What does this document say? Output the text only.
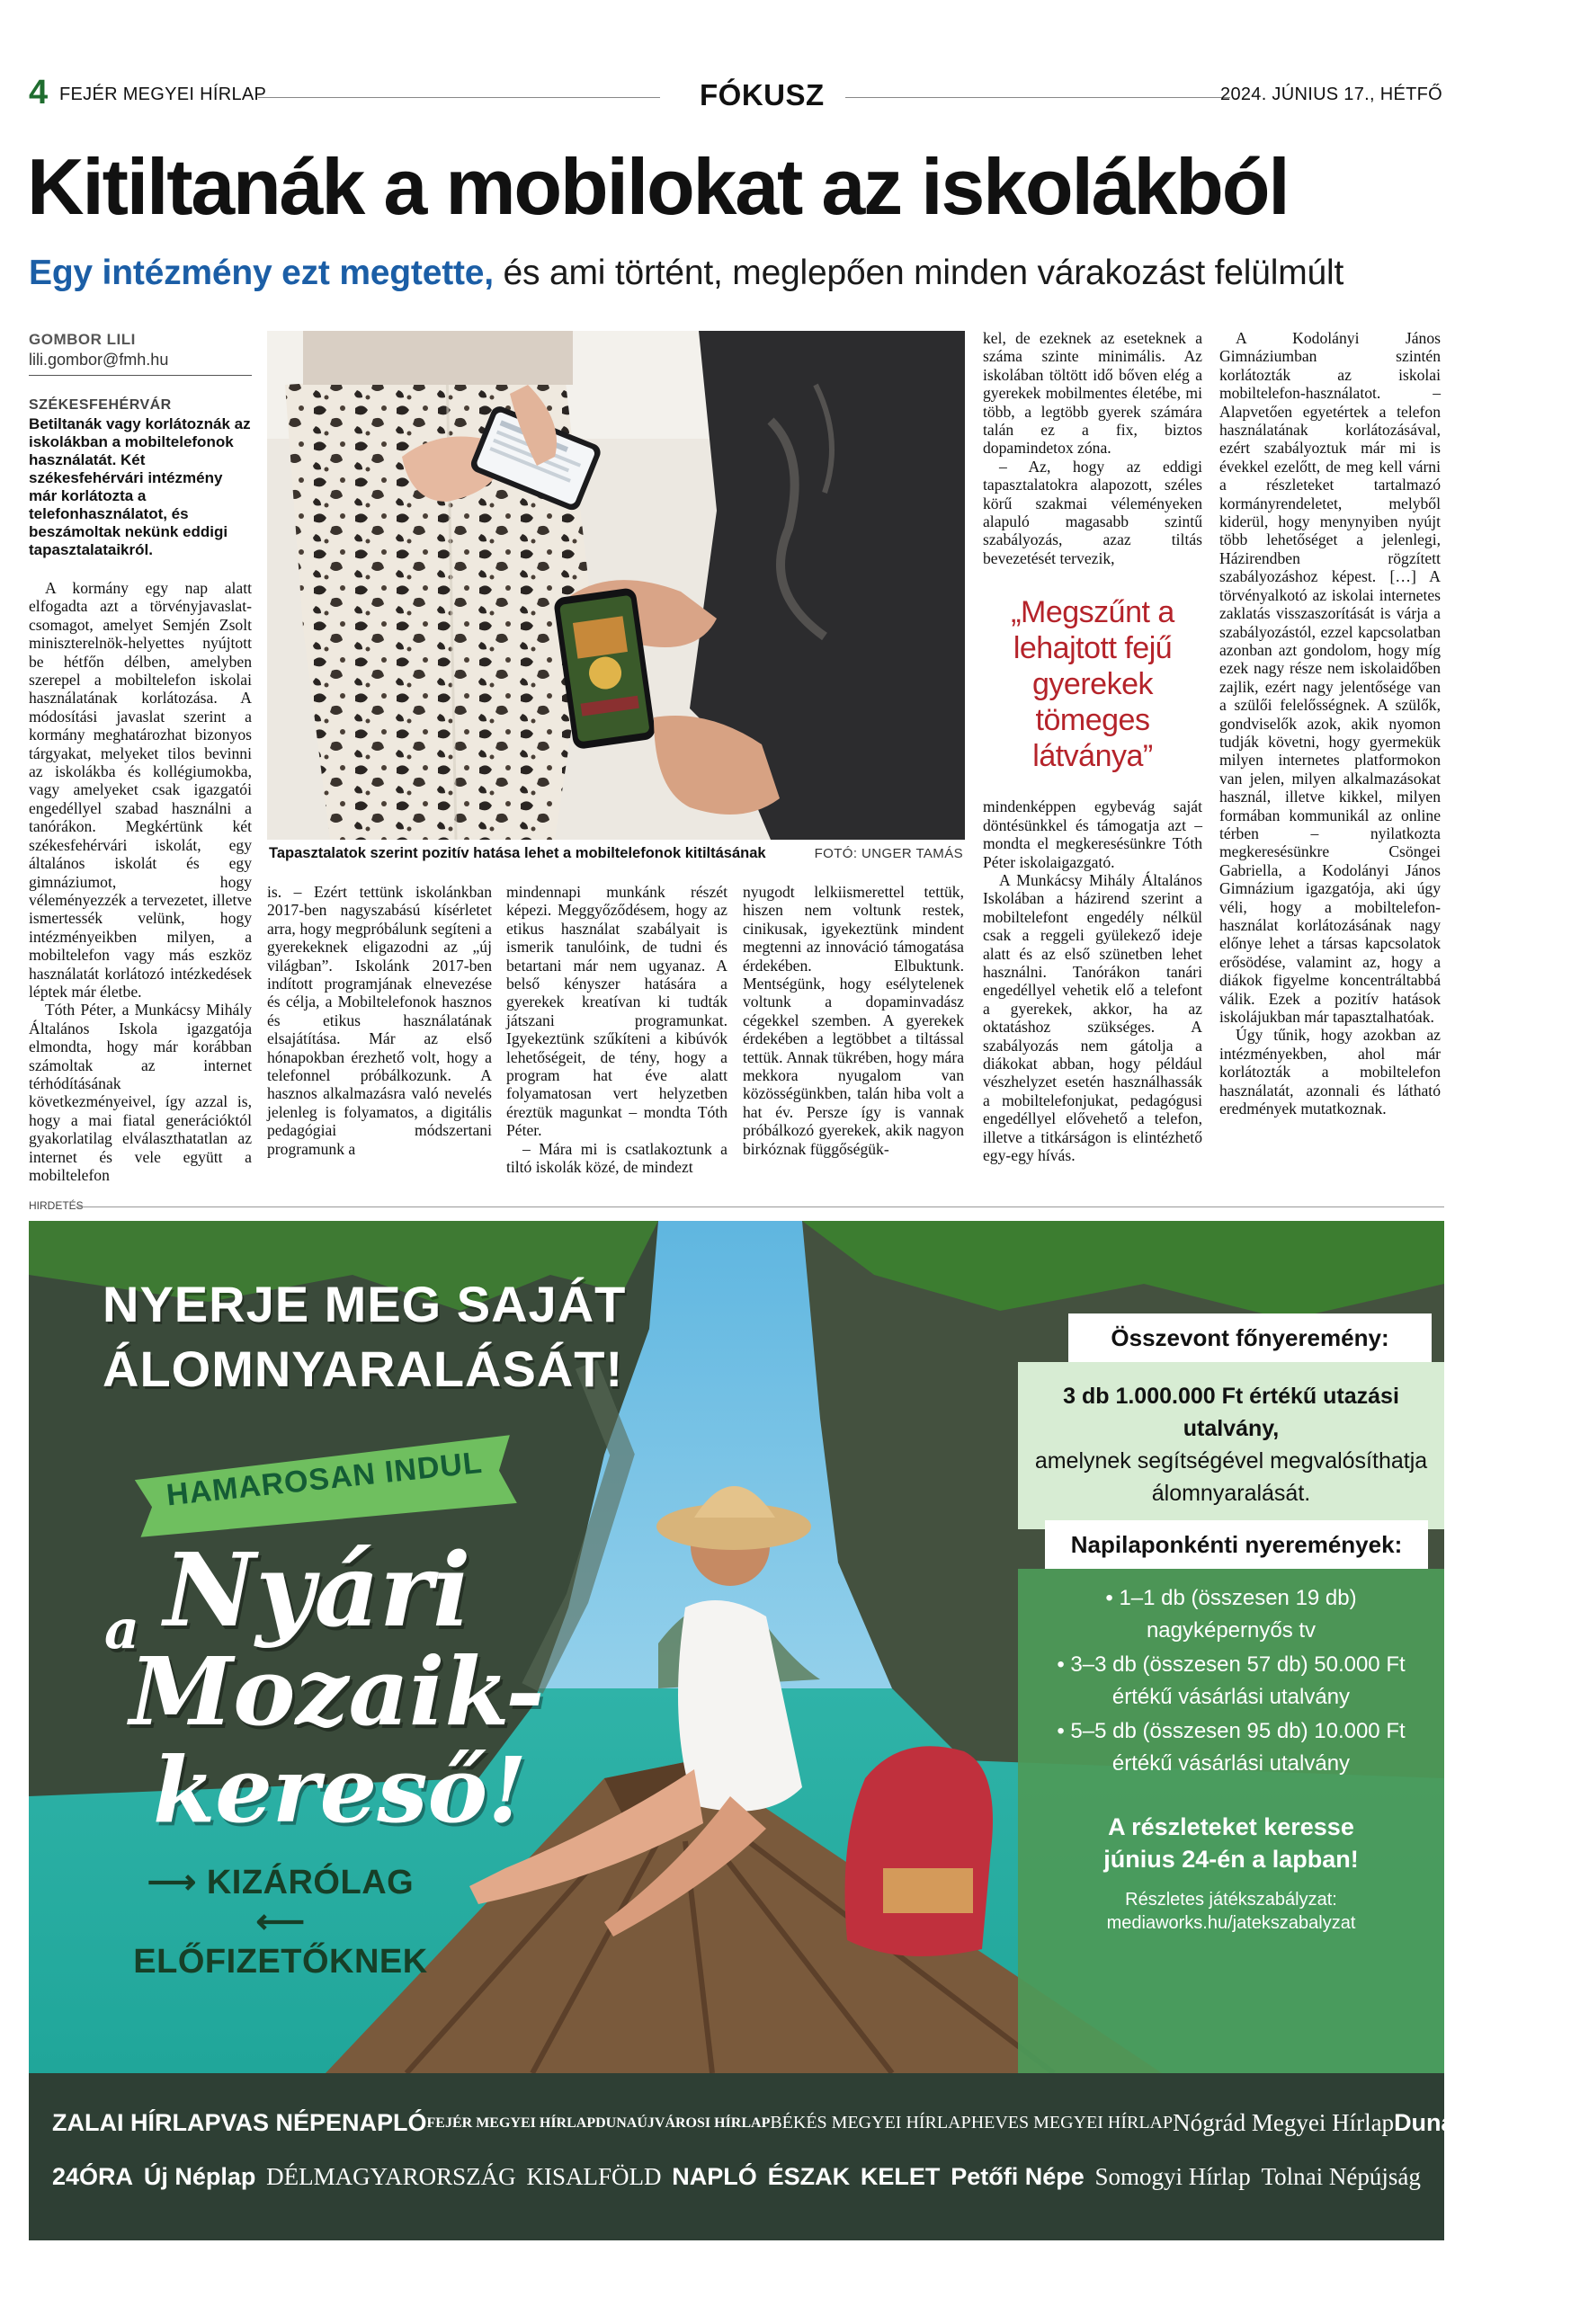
4 FEJÉR MEGYEI HÍRLAP	FÓKUSZ	2024. JÚNIUS 17., HÉTFŐ
Kitiltanák a mobilokat az iskolákból
Egy intézmény ezt megtette, és ami történt, meglepően minden várakozást felülmúlt
GOMBOR LILI
lili.gombor@fmh.hu
SZÉKESFEHÉRVÁR
Betiltanák vagy korlátoznák az iskolákban a mobiltelefonok használatát. Két székesfehérvári intézmény már korlátozta a telefonhasználatot, és beszámoltak nekünk eddigi tapasztalataikról.

A kormány egy nap alatt elfogadta azt a törvényjavaslat-csomagot, amelyet Semjén Zsolt miniszterelnök-helyettes nyújtott be hétfőn délben, amelyben szerepel a mobiltelefon iskolai használatának korlátozása. A módosítási javaslat szerint a kormány meghatározhat bizonyos tárgyakat, melyeket tilos bevinni az iskolákba és kollégiumokba, vagy amelyeket csak igazgatói engedéllyel szabad használni a tanórákon. Megkértünk két székesfehérvári iskolát, egy általános iskolát és egy gimnáziumot, hogy véleményezzék a tervezetet, illetve ismertessék velünk, hogy intézményeikben milyen, a mobiltelefon vagy más eszköz használatát korlátozó intézkedések léptek már életbe.

Tóth Péter, a Munkácsy Mihály Általános Iskola igazgatója elmondta, hogy már korábban számoltak az internet térhódításának következményeivel, így azzal is, hogy a mai fiatal generációktól gyakorlatilag elválaszthatatlan az internet és vele együtt a mobiltelefon

Tapasztalatok szerint pozitív hatása lehet a mobiltelefonok kitiltásának	FOTÓ: UNGER TAMÁS

is. – Ezért tettünk iskolánkban 2017-ben nagyszabású kísérletet arra, hogy megpróbálunk segíteni a gyerekeknek eligazodni az „új világban”. Iskolánk 2017-ben indított programjának elnevezése és célja, a Mobiltelefonok hasznos és etikus használatának elsajátítása. Már az első hónapokban érezhető volt, hogy a telefonnel próbálkozunk. A hasznos alkalmazásra való nevelés jelenleg is folyamatos, a digitális pedagógiai módszertani programunk a

mindennapi munkánk részét képezi. Meggyőződésem, hogy az etikus használat szabályait is ismerik tanulóink, de tudni és betartani már nem ugyanaz. A belső kényszer hatására a gyerekek kreatívan ki tudták játszani programunkat. Igyekeztünk szűkíteni a kibúvók lehetőségeit, de tény, hogy a program hat éve alatt folyamatosan vert helyzetben éreztük magunkat – mondta Tóth Péter.

– Mára mi is csatlakoztunk a tiltó iskolák közé, de mindezt

nyugodt lelkiismerettel tettük, hiszen nem voltunk restek, cinikusak, igyekeztünk mindent megtenni az innováció támogatása érdekében. Elbuktunk. Mentségünk, hogy esélytelenek voltunk a dopaminvadász cégekkel szemben. A gyerekek érdekében a legtöbbet a tiltással tettük. Annak tükrében, hogy mára mekkora nyugalom van közösségünkben, talán hiba volt a hat év. Persze így is vannak próbálkozó gyerekek, akik nagyon birkóznak függőségük-

kel, de ezeknek az eseteknek a száma szinte minimális. Az iskolában töltött idő bőven elég a gyerekek mobilmentes életébe, mi több, a legtöbb gyerek számára talán ez a fix, biztos dopamindetox zóna.

– Az, hogy az eddigi tapasztalatokra alapozott, széles körű szakmai véleményeken alapuló magasabb szintű szabályozás, azaz tiltás bevezetését tervezik,

„Megszűnt a lehajtott fejű gyerekek tömeges látványa”

mindenképpen egybevág saját döntésünkkel és támogatja azt – mondta el megkeresésünkre Tóth Péter iskolaigazgató.

A Munkácsy Mihály Általános Iskolában a házirend szerint a mobiltelefont engedély nélkül csak a reggeli gyülekező ideje alatt és az első szünetben lehet használni. Tanórákon tanári engedéllyel vehetik elő a telefont a gyerekek, akkor, ha az oktatáshoz szükséges. A szabályozás nem gátolja a diákokat abban, hogy például vészhelyzet esetén használhassák a mobiltelefonjukat, pedagógusi engedéllyel elővehető a telefon, illetve a titkárságon is elintézhető egy-egy hívás.

A Kodolányi János Gimnáziumban szintén korlátozták az iskolai mobiltelefon-használatot. – Alapvetően egyetértek a telefon használatának korlátozásával, ezért szabályoztuk már mi is évekkel ezelőtt, de meg kell várni a részleteket tartalmazó kormányrendeletet, melyből kiderül, hogy menynyiben nyújt több lehetőséget a jelenlegi, Házirendben rögzített szabályozáshoz képest. […] A törvényalkotó az iskolai internetes zaklatás visszaszorítását is várja a szabályozástól, ezzel kapcsolatban azonban azt gondolom, hogy míg ezek nagy része nem iskolaidőben zajlik, ezért nagy jelentősége van a szülői felelősségnek. A szülők, gondviselők azok, akik nyomon tudják követni, hogy gyermekük milyen internetes platformokon van jelen, milyen alkalmazásokat használ, illetve kikkel, milyen formában kommunikál az online térben – nyilatkozta megkeresésünkre Csöngei Gabriella, a Kodolányi János Gimnázium igazgatója, aki úgy véli, hogy a mobiltelefon-használat korlátozásának nagy előnye lehet a társas kapcsolatok erősödése, valamint az, hogy a diákok figyelme koncentráltabbá válik. Ezek a pozitív hatások iskolájukban már tapasztalhatóak.

Úgy tűnik, hogy azokban az intézményekben, ahol már korlátozták a mobiltelefon használatát, azonnali és látható eredmények mutatkoznak.

HIRDETÉS
NYERJE MEG SAJÁT
ÁLOMNYARALÁSÁT!
HAMAROSAN INDUL
a Nyári
Mozaik-
kereső!
⟶ KIZÁRÓLAG ⟵
ELŐFIZETŐKNEK
3 db 1.000.000 Ft értékű utazási utalvány,
amelynek segítségével megvalósíthatja álomnyaralását.
Összevont főnyeremény:
Napilaponkénti nyeremények:
• 1–1 db (összesen 19 db)
nagyképernyős tv
• 3–3 db (összesen 57 db) 50.000 Ft
értékű vásárlási utalvány
• 5–5 db (összesen 95 db) 10.000 Ft
értékű vásárlási utalvány
A részleteket keresse
június 24-én a lapban!
Részletes játékszabályzat:
mediaworks.hu/jatekszabalyzat
ZALAI HÍRLAP VAS NÉPE NAPLÓ FEJÉR MEGYEI HÍRLAP DUNAÚJVÁROSI HÍRLAP BÉKÉS MEGYEI HÍRLAP HEVES MEGYEI HÍRLAP Nógrád Megyei Hírlap Dunántúli Napló
24ÓRA Új Néplap DÉLMAGYARORSZÁG KISALFÖLD NAPLÓ ÉSZAK KELET Petőfi Népe Somogyi Hírlap Tolnai Népújság
